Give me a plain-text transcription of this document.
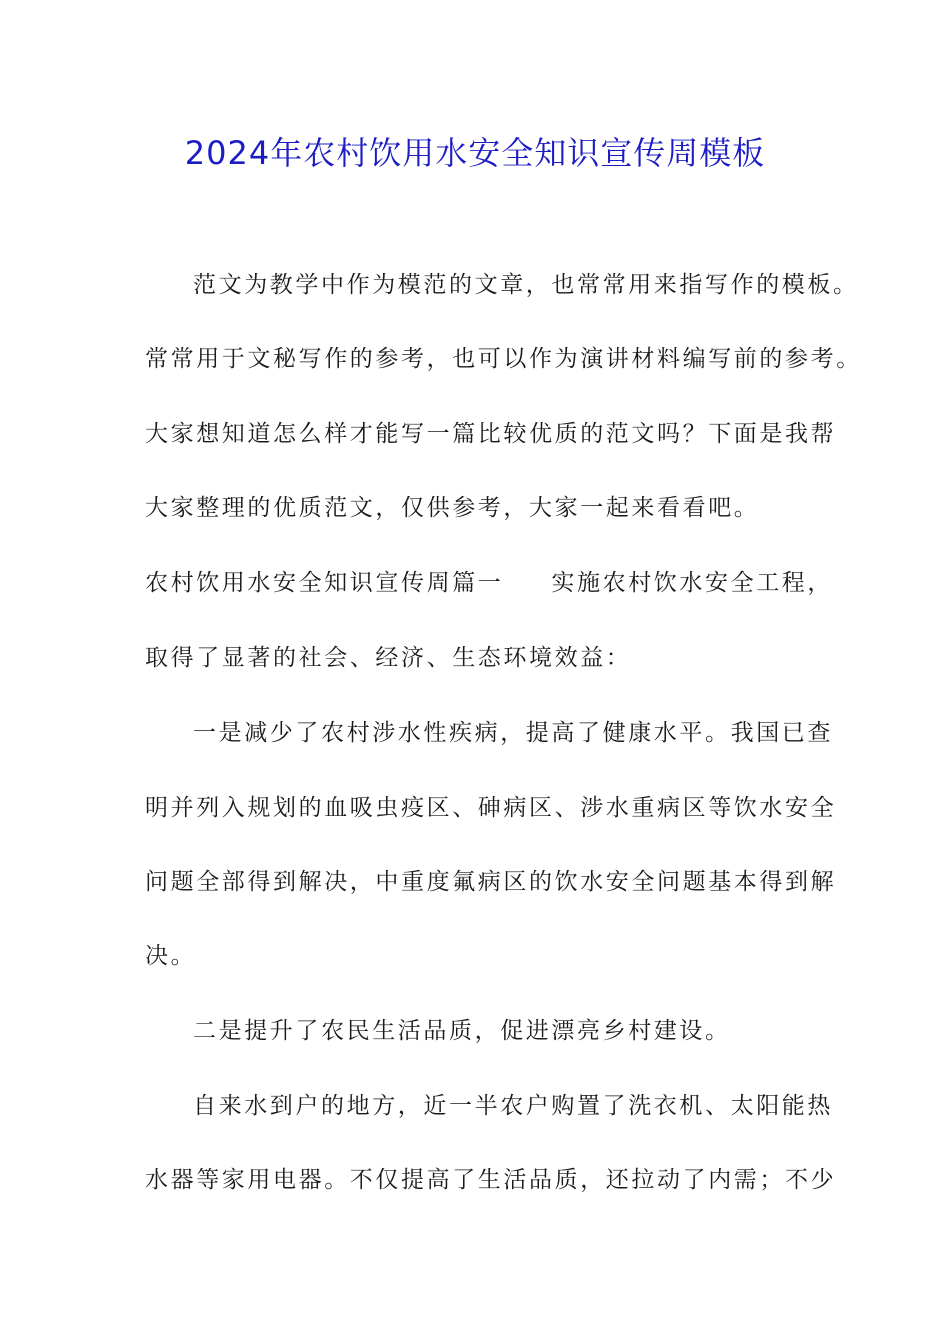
2024年农村饮用水安全知识宣传周模板
范文为教学中作为模范的文章，也常常用来指写作的模板。
常常用于文秘写作的参考，也可以作为演讲材料编写前的参考。
大家想知道怎么样才能写一篇比较优质的范文吗？下面是我帮
大家整理的优质范文，仅供参考，大家一起来看看吧。
农村饮用水安全知识宣传周篇一 实施农村饮水安全工程，
取得了显著的社会、经济、生态环境效益：
一是减少了农村涉水性疾病，提高了健康水平。我国已查
明并列入规划的血吸虫疫区、砷病区、涉水重病区等饮水安全
问题全部得到解决，中重度氟病区的饮水安全问题基本得到解
决。
二是提升了农民生活品质，促进漂亮乡村建设。
自来水到户的地方，近一半农户购置了洗衣机、太阳能热
水器等家用电器。不仅提高了生活品质，还拉动了内需；不少
